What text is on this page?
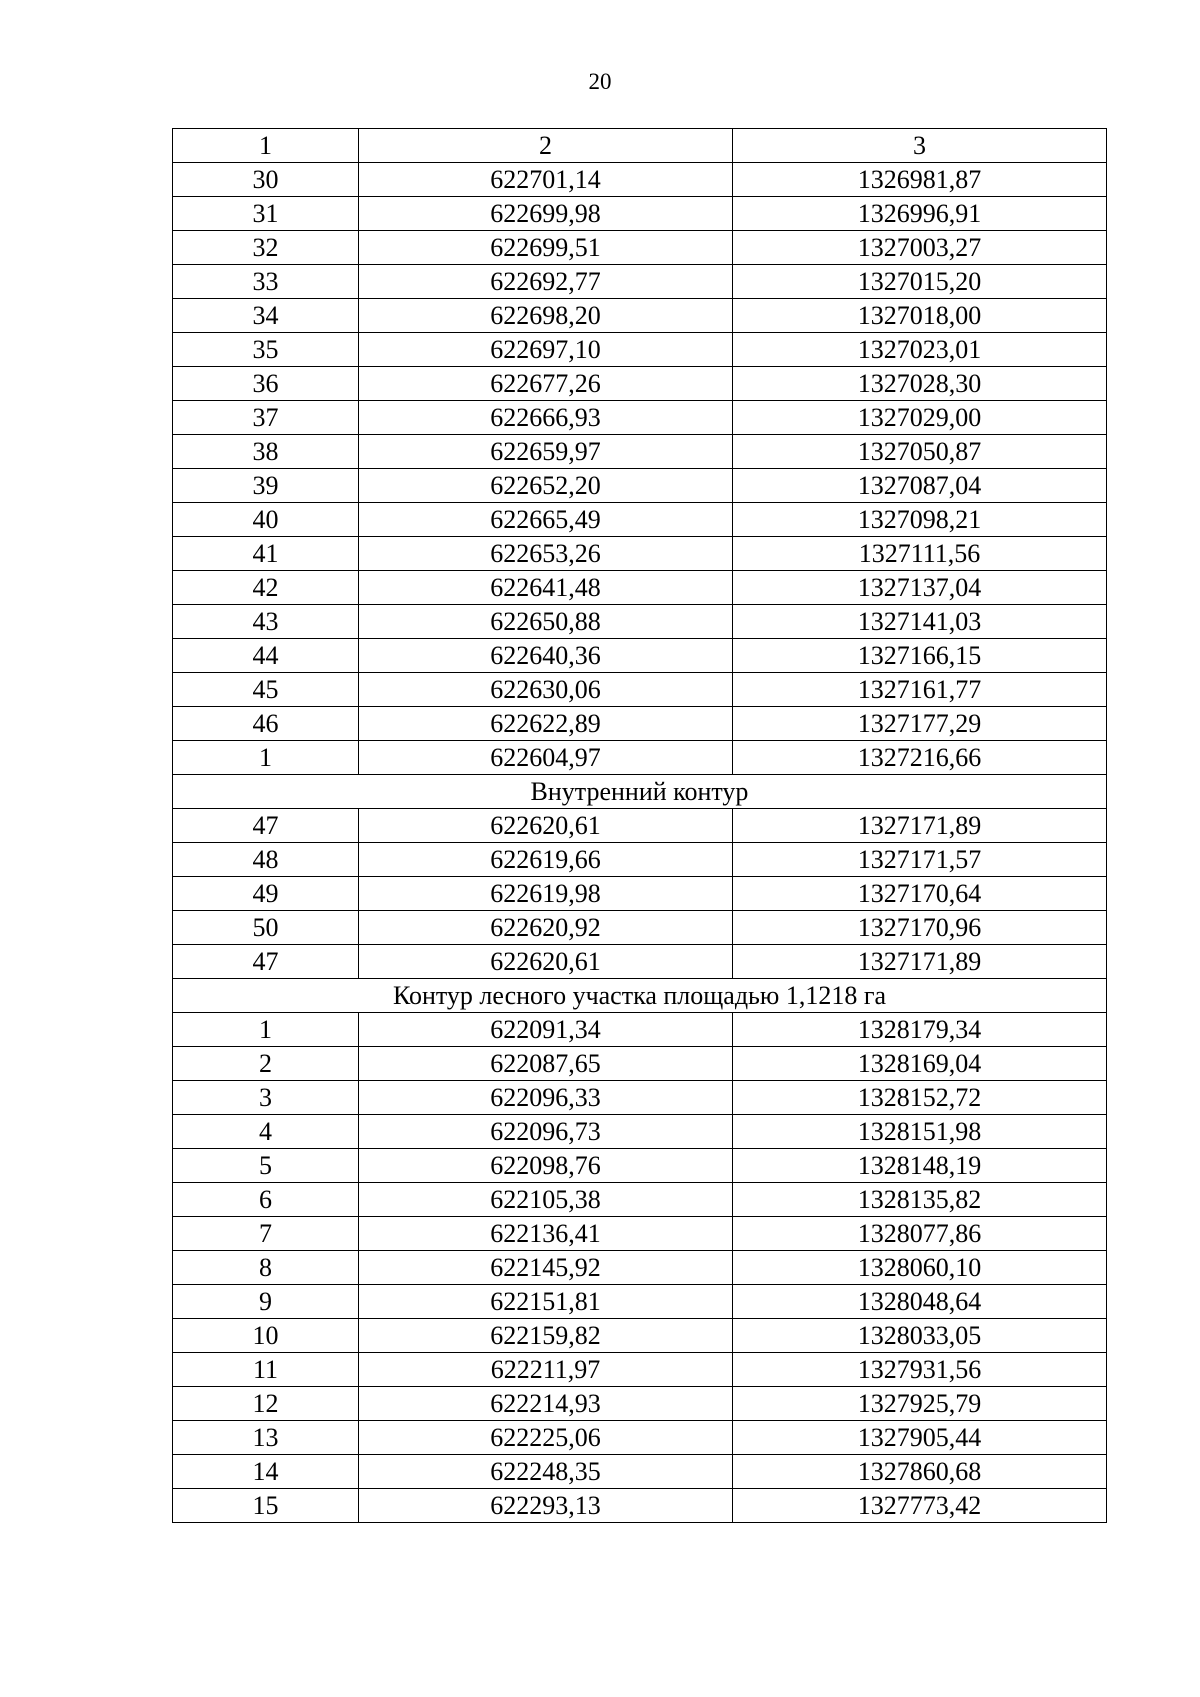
20
1	2	3
30	622701,14	1326981,87
31	622699,98	1326996,91
32	622699,51	1327003,27
33	622692,77	1327015,20
34	622698,20	1327018,00
35	622697,10	1327023,01
36	622677,26	1327028,30
37	622666,93	1327029,00
38	622659,97	1327050,87
39	622652,20	1327087,04
40	622665,49	1327098,21
41	622653,26	1327111,56
42	622641,48	1327137,04
43	622650,88	1327141,03
44	622640,36	1327166,15
45	622630,06	1327161,77
46	622622,89	1327177,29
1	622604,97	1327216,66
Внутренний контур		
47	622620,61	1327171,89
48	622619,66	1327171,57
49	622619,98	1327170,64
50	622620,92	1327170,96
47	622620,61	1327171,89
Контур лесного участка площадью 1,1218 га		
1	622091,34	1328179,34
2	622087,65	1328169,04
3	622096,33	1328152,72
4	622096,73	1328151,98
5	622098,76	1328148,19
6	622105,38	1328135,82
7	622136,41	1328077,86
8	622145,92	1328060,10
9	622151,81	1328048,64
10	622159,82	1328033,05
11	622211,97	1327931,56
12	622214,93	1327925,79
13	622225,06	1327905,44
14	622248,35	1327860,68
15	622293,13	1327773,42
